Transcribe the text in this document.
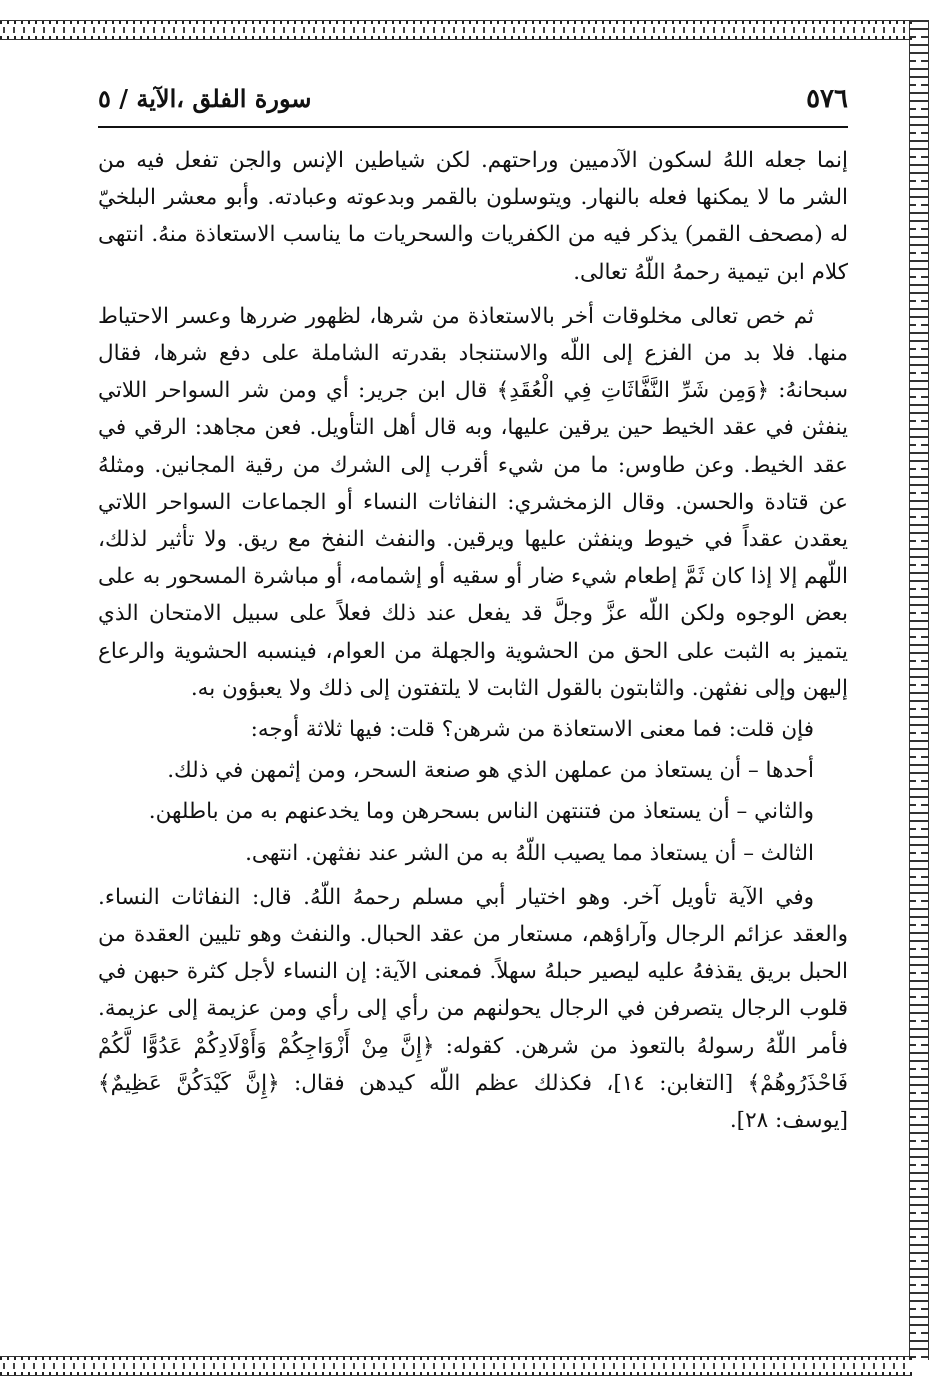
٥٧٦
سورة الفلق ،الآية / ٥

إنما جعله اللهُ لسكون الآدميين وراحتهم. لكن شياطين الإنس والجن تفعل فيه من الشر ما لا يمكنها فعله بالنهار. ويتوسلون بالقمر وبدعوته وعبادته. وأبو معشر البلخيّ له (مصحف القمر) يذكر فيه من الكفريات والسحريات ما يناسب الاستعاذة منهُ. انتهى كلام ابن تيمية رحمهُ اللّهُ تعالى.

ثم خص تعالى مخلوقات أخر بالاستعاذة من شرها، لظهور ضررها وعسر الاحتياط منها. فلا بد من الفزع إلى اللّه والاستنجاد بقدرته الشاملة على دفع شرها، فقال سبحانهُ: ﴿وَمِن شَرِّ النَّفَّاثَاتِ فِي الْعُقَدِ﴾ قال ابن جرير: أي ومن شر السواحر اللاتي ينفثن في عقد الخيط حين يرقين عليها، وبه قال أهل التأويل. فعن مجاهد: الرقي في عقد الخيط. وعن طاوس: ما من شيء أقرب إلى الشرك من رقية المجانين. ومثلهُ عن قتادة والحسن. وقال الزمخشري: النفاثات النساء أو الجماعات السواحر اللاتي يعقدن عقداً في خيوط وينفثن عليها ويرقين. والنفث النفخ مع ريق. ولا تأثير لذلك، اللّهم إلا إذا كان ثَمَّ إطعام شيء ضار أو سقيه أو إشمامه، أو مباشرة المسحور به على بعض الوجوه ولكن اللّه عزَّ وجلَّ قد يفعل عند ذلك فعلاً على سبيل الامتحان الذي يتميز به الثبت على الحق من الحشوية والجهلة من العوام، فينسبه الحشوية والرعاع إليهن وإلى نفثهن. والثابتون بالقول الثابت لا يلتفتون إلى ذلك ولا يعبؤون به.

فإن قلت: فما معنى الاستعاذة من شرهن؟ قلت: فيها ثلاثة أوجه:

أحدها – أن يستعاذ من عملهن الذي هو صنعة السحر، ومن إثمهن في ذلك.

والثاني – أن يستعاذ من فتنتهن الناس بسحرهن وما يخدعنهم به من باطلهن.

الثالث – أن يستعاذ مما يصيب اللّهُ به من الشر عند نفثهن. انتهى.

وفي الآية تأويل آخر. وهو اختيار أبي مسلم رحمهُ اللّهُ. قال: النفاثات النساء. والعقد عزائم الرجال وآراؤهم، مستعار من عقد الحبال. والنفث وهو تليين العقدة من الحبل بريق يقذفهُ عليه ليصير حبلهُ سهلاً. فمعنى الآية: إن النساء لأجل كثرة حبهن في قلوب الرجال يتصرفن في الرجال يحولنهم من رأي إلى رأي ومن عزيمة إلى عزيمة. فأمر اللّهُ رسولهُ بالتعوذ من شرهن. كقوله: ﴿إِنَّ مِنْ أَزْوَاجِكُمْ وَأَوْلَادِكُمْ عَدُوًّا لَّكُمْ فَاحْذَرُوهُمْ﴾ [التغابن: ١٤]، فكذلك عظم اللّه كيدهن فقال: ﴿إِنَّ كَيْدَكُنَّ عَظِيمٌ﴾ [يوسف: ٢٨].
